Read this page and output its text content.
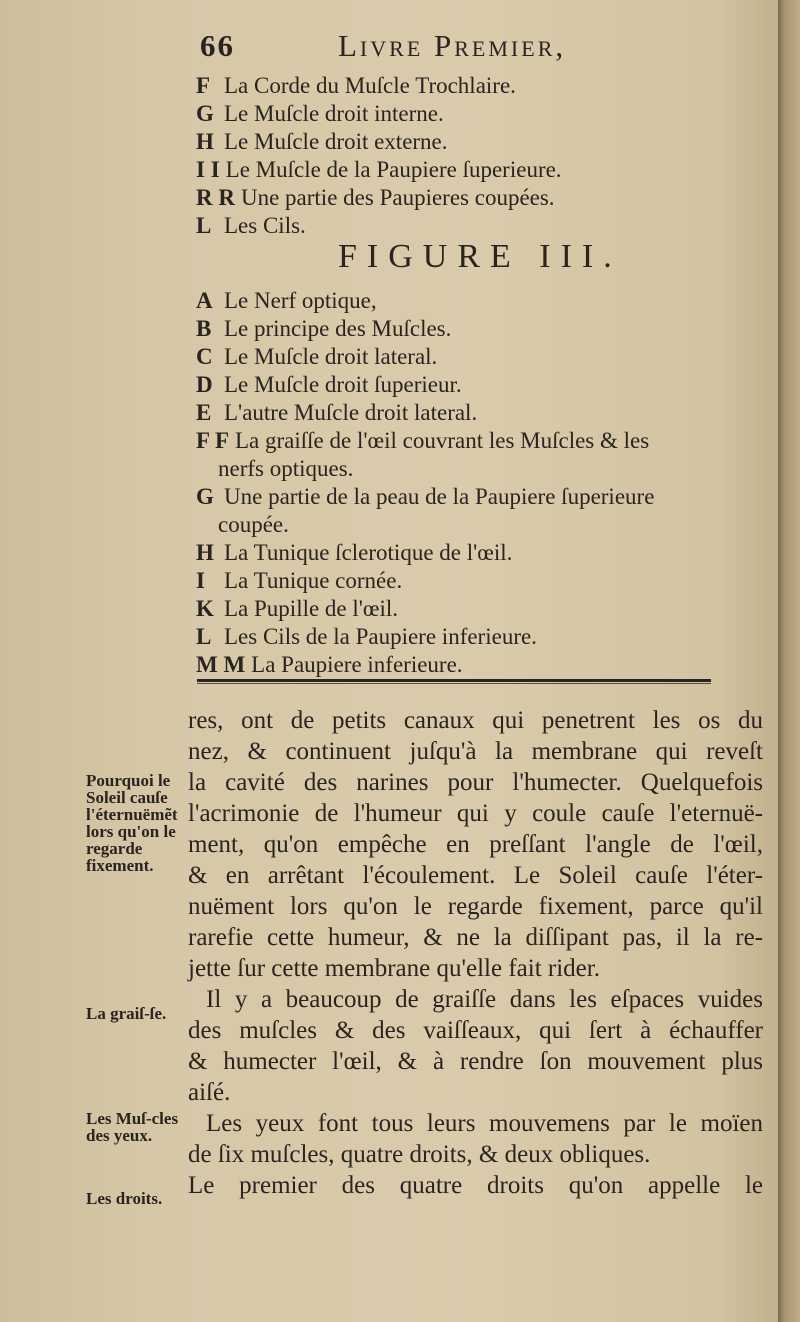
66	Livre Premier,
F La Corde du Muſcle Trochlaire.
G Le Muſcle droit interne.
H Le Muſcle droit externe.
I I Le Muſcle de la Paupiere ſuperieure.
R R Une partie des Paupieres coupées.
L Les Cils.
FIGURE III.
A Le Nerf optique,
B Le principe des Muſcles.
C Le Muſcle droit lateral.
D Le Muſcle droit ſuperieur.
E L'autre Muſcle droit lateral.
F F La graiſſe de l'œil couvrant les Muſcles & les
nerfs optiques.
G Une partie de la peau de la Paupiere ſuperieure
coupée.
H La Tunique ſclerotique de l'œil.
I La Tunique cornée.
K La Pupille de l'œil.
L Les Cils de la Paupiere inferieure.
M M La Paupiere inferieure.
res, ont de petits canaux qui penetrent les os du
nez, & continuent juſqu'à la membrane qui reveſt
la cavité des narines pour l'humecter. Quelquefois
l'acrimonie de l'humeur qui y coule cauſe l'eternuë-
ment, qu'on empêche en preſſant l'angle de l'œil,
& en arrêtant l'écoulement. Le Soleil cauſe l'éter-
nuëment lors qu'on le regarde fixement, parce qu'il
rarefie cette humeur, & ne la diſſipant pas, il la re-
jette ſur cette membrane qu'elle fait rider.
Il y a beaucoup de graiſſe dans les eſpaces vuides
des muſcles & des vaiſſeaux, qui ſert à échauffer
& humecter l'œil, & à rendre ſon mouvement plus
aiſé.
Les yeux font tous leurs mouvemens par le moïen
de ſix muſcles, quatre droits, & deux obliques.
Le premier des quatre droits qu'on appelle le
Pourquoi le Soleil cauſe l'éternuëmẽt lors qu'on le regarde fixement.
La graiſ-ſe.
Les Muſ-cles des yeux.
Les droits.
